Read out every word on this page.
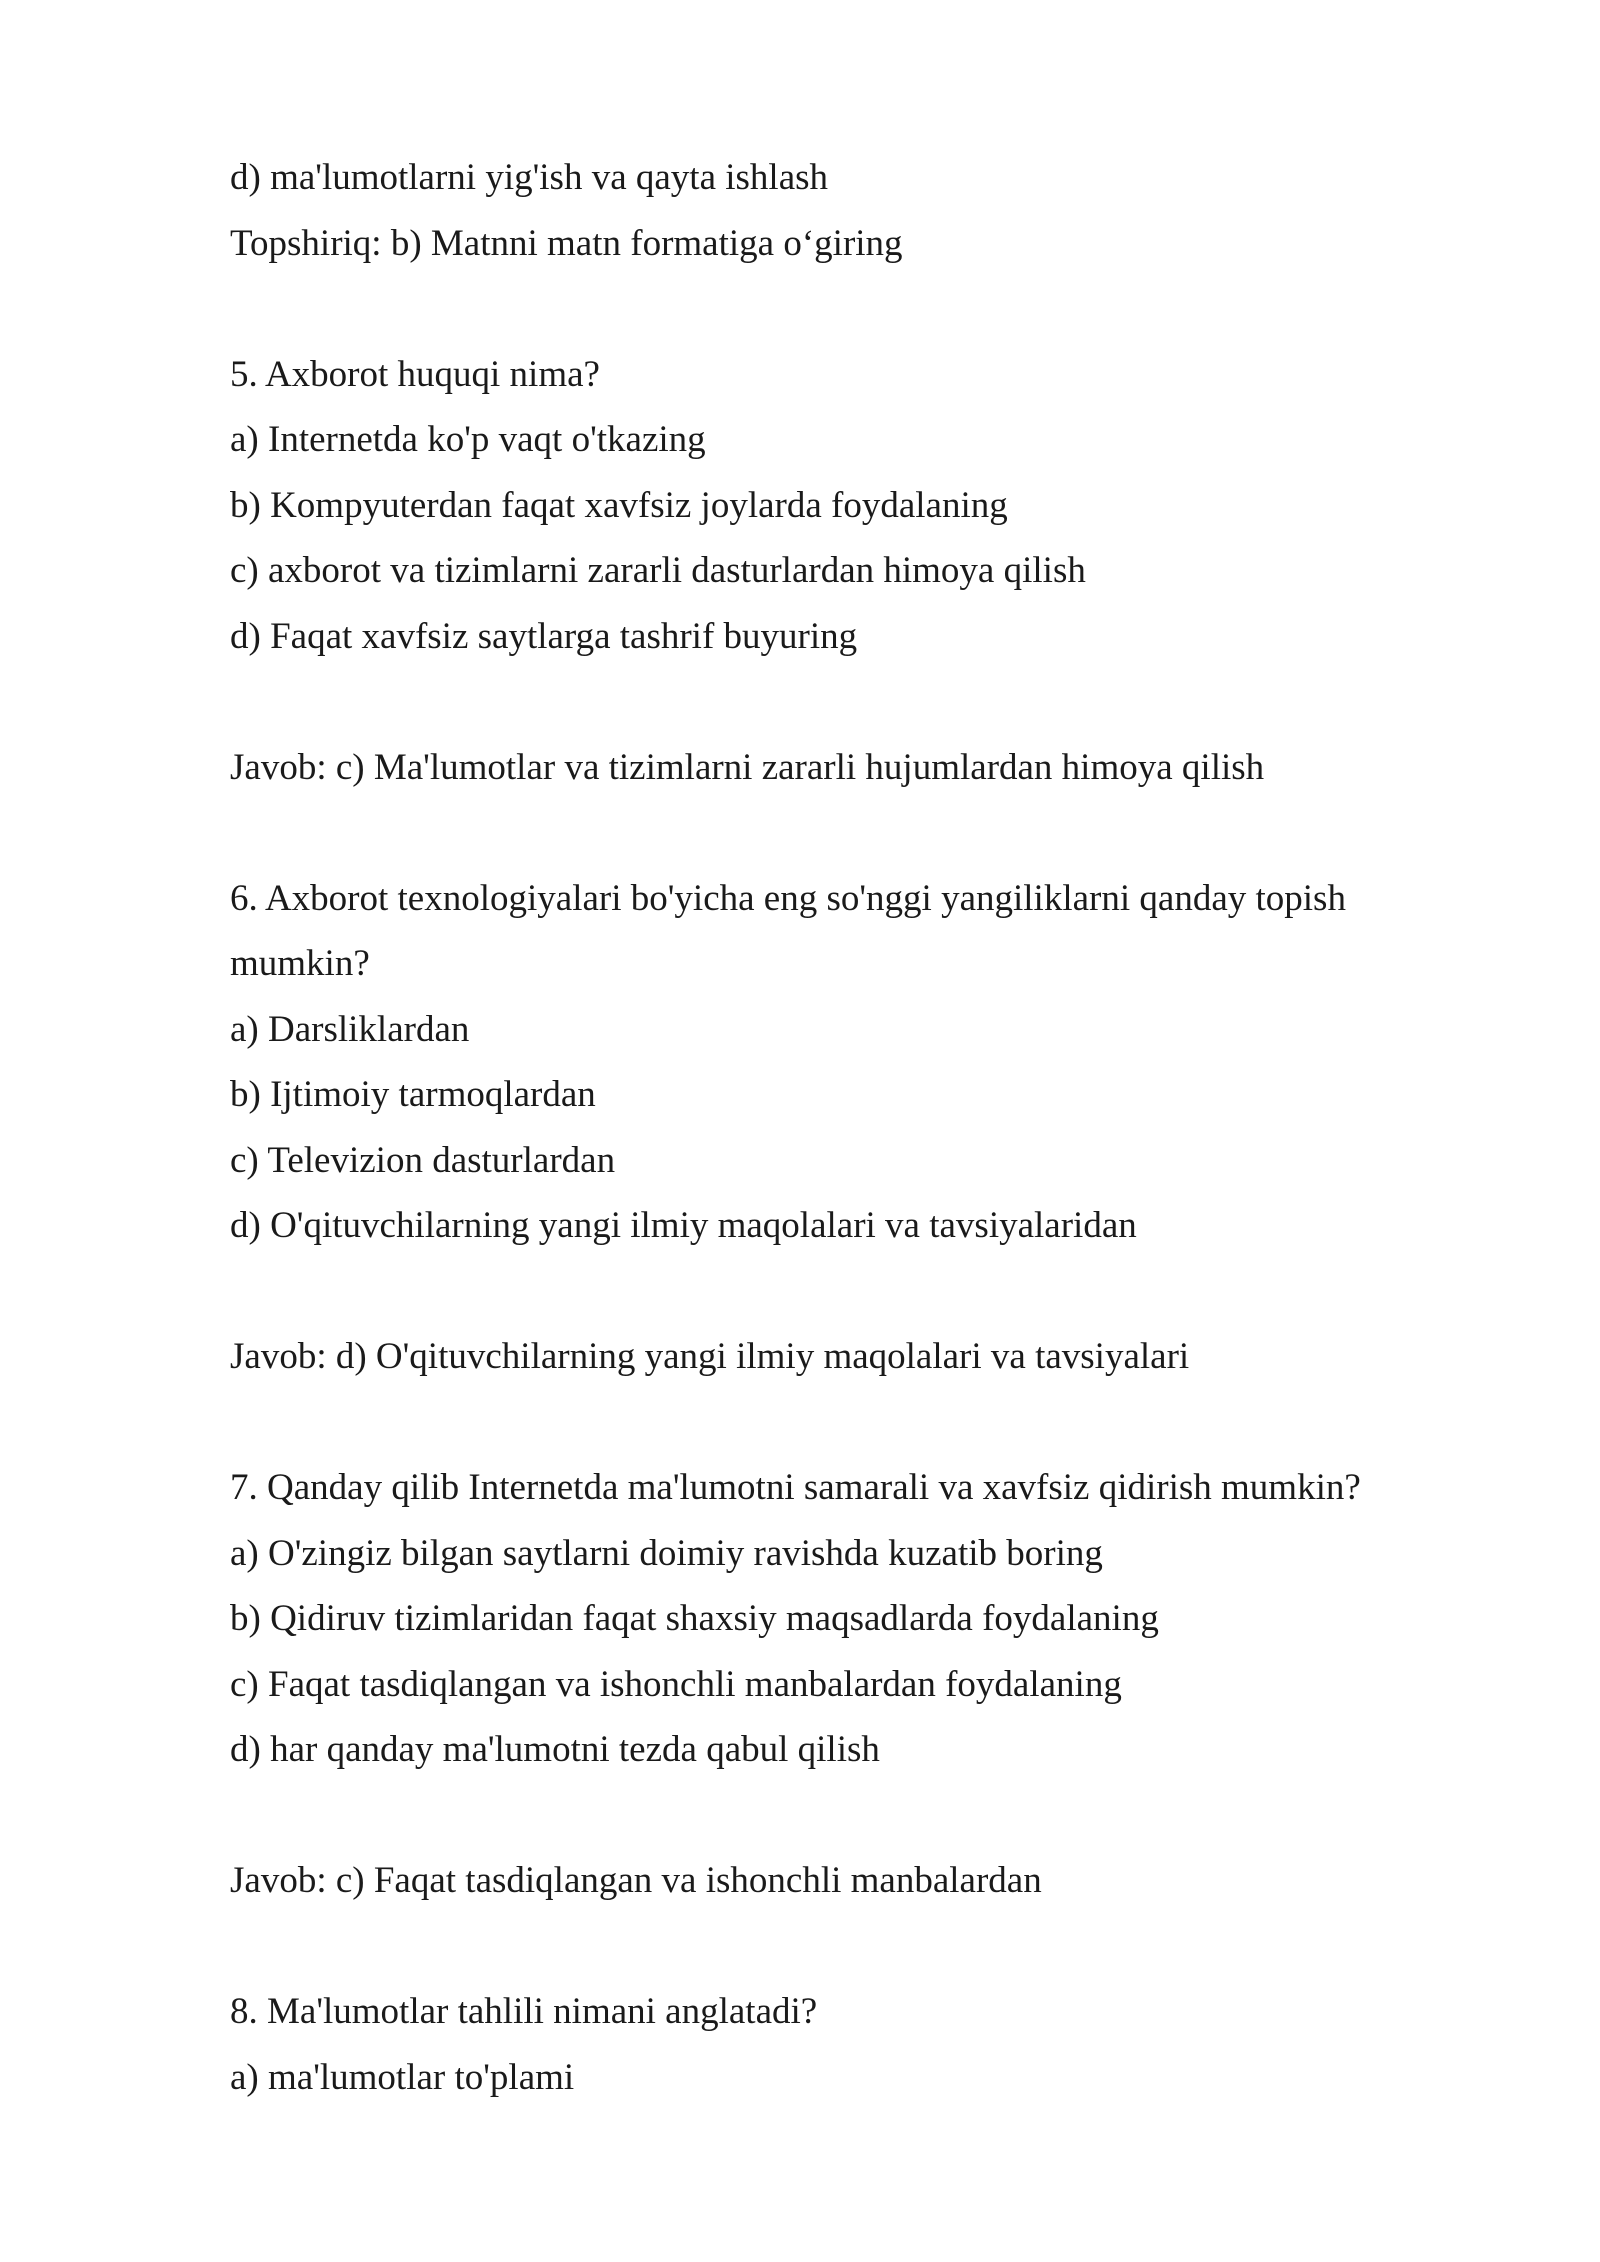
d) ma'lumotlarni yig'ish va qayta ishlash
Topshiriq: b) Matnni matn formatiga o‘giring
5. Axborot huquqi nima?
a) Internetda ko'p vaqt o'tkazing
b) Kompyuterdan faqat xavfsiz joylarda foydalaning
c) axborot va tizimlarni zararli dasturlardan himoya qilish
d) Faqat xavfsiz saytlarga tashrif buyuring
Javob: c) Ma'lumotlar va tizimlarni zararli hujumlardan himoya qilish
6. Axborot texnologiyalari bo'yicha eng so'nggi yangiliklarni qanday topish
mumkin?
a) Darsliklardan
b) Ijtimoiy tarmoqlardan
c) Televizion dasturlardan
d) O'qituvchilarning yangi ilmiy maqolalari va tavsiyalaridan
Javob: d) O'qituvchilarning yangi ilmiy maqolalari va tavsiyalari
7. Qanday qilib Internetda ma'lumotni samarali va xavfsiz qidirish mumkin?
a) O'zingiz bilgan saytlarni doimiy ravishda kuzatib boring
b) Qidiruv tizimlaridan faqat shaxsiy maqsadlarda foydalaning
c) Faqat tasdiqlangan va ishonchli manbalardan foydalaning
d) har qanday ma'lumotni tezda qabul qilish
Javob: c) Faqat tasdiqlangan va ishonchli manbalardan
8. Ma'lumotlar tahlili nimani anglatadi?
a) ma'lumotlar to'plami
